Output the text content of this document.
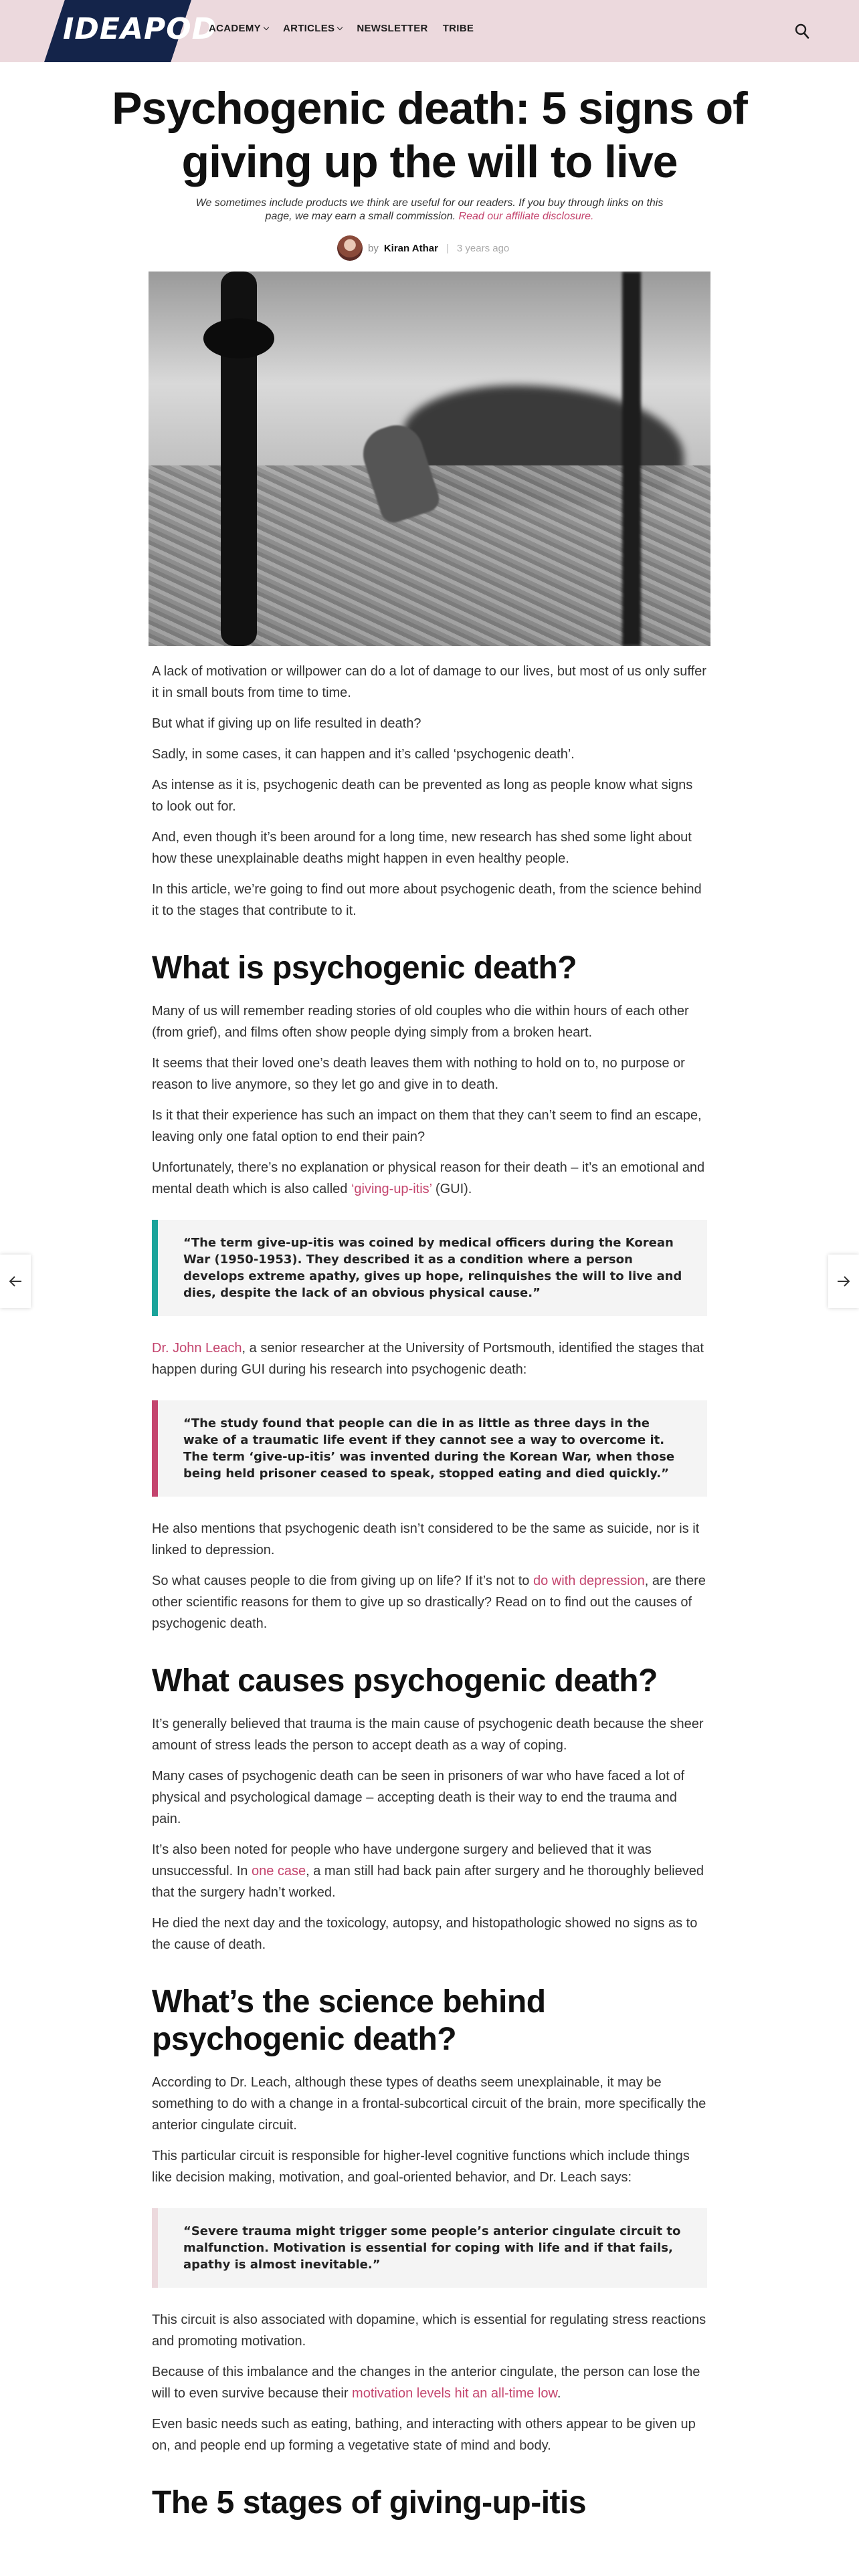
IDEAPOD
ACADEMY ARTICLES NEWSLETTER TRIBE
Psychogenic death: 5 signs of giving up the will to live
We sometimes include products we think are useful for our readers. If you buy through links on this page, we may earn a small commission. Read our affiliate disclosure.
by Kiran Athar | 3 years ago

A lack of motivation or willpower can do a lot of damage to our lives, but most of us only suffer it in small bouts from time to time.

But what if giving up on life resulted in death?

Sadly, in some cases, it can happen and it’s called ‘psychogenic death’.

As intense as it is, psychogenic death can be prevented as long as people know what signs to look out for.

And, even though it’s been around for a long time, new research has shed some light about how these unexplainable deaths might happen in even healthy people.

In this article, we’re going to find out more about psychogenic death, from the science behind it to the stages that contribute to it.

What is psychogenic death?

Many of us will remember reading stories of old couples who die within hours of each other (from grief), and films often show people dying simply from a broken heart.

It seems that their loved one’s death leaves them with nothing to hold on to, no purpose or reason to live anymore, so they let go and give in to death.

Is it that their experience has such an impact on them that they can’t seem to find an escape, leaving only one fatal option to end their pain?

Unfortunately, there’s no explanation or physical reason for their death – it’s an emotional and mental death which is also called ‘giving-up-itis’ (GUI).

“The term give-up-itis was coined by medical officers during the Korean War (1950-1953). They described it as a condition where a person develops extreme apathy, gives up hope, relinquishes the will to live and dies, despite the lack of an obvious physical cause.”

Dr. John Leach, a senior researcher at the University of Portsmouth, identified the stages that happen during GUI during his research into psychogenic death:

“The study found that people can die in as little as three days in the wake of a traumatic life event if they cannot see a way to overcome it. The term ‘give-up-itis’ was invented during the Korean War, when those being held prisoner ceased to speak, stopped eating and died quickly.”

He also mentions that psychogenic death isn’t considered to be the same as suicide, nor is it linked to depression.

So what causes people to die from giving up on life? If it’s not to do with depression, are there other scientific reasons for them to give up so drastically? Read on to find out the causes of psychogenic death.

What causes psychogenic death?

It’s generally believed that trauma is the main cause of psychogenic death because the sheer amount of stress leads the person to accept death as a way of coping.

Many cases of psychogenic death can be seen in prisoners of war who have faced a lot of physical and psychological damage – accepting death is their way to end the trauma and pain.

It’s also been noted for people who have undergone surgery and believed that it was unsuccessful. In one case, a man still had back pain after surgery and he thoroughly believed that the surgery hadn’t worked.

He died the next day and the toxicology, autopsy, and histopathologic showed no signs as to the cause of death.

What’s the science behind psychogenic death?

According to Dr. Leach, although these types of deaths seem unexplainable, it may be something to do with a change in a frontal-subcortical circuit of the brain, more specifically the anterior cingulate circuit.

This particular circuit is responsible for higher-level cognitive functions which include things like decision making, motivation, and goal-oriented behavior, and Dr. Leach says:

“Severe trauma might trigger some people’s anterior cingulate circuit to malfunction. Motivation is essential for coping with life and if that fails, apathy is almost inevitable.”

This circuit is also associated with dopamine, which is essential for regulating stress reactions and promoting motivation.

Because of this imbalance and the changes in the anterior cingulate, the person can lose the will to even survive because their motivation levels hit an all-time low.

Even basic needs such as eating, bathing, and interacting with others appear to be given up on, and people end up forming a vegetative state of mind and body.

The 5 stages of giving-up-itis
